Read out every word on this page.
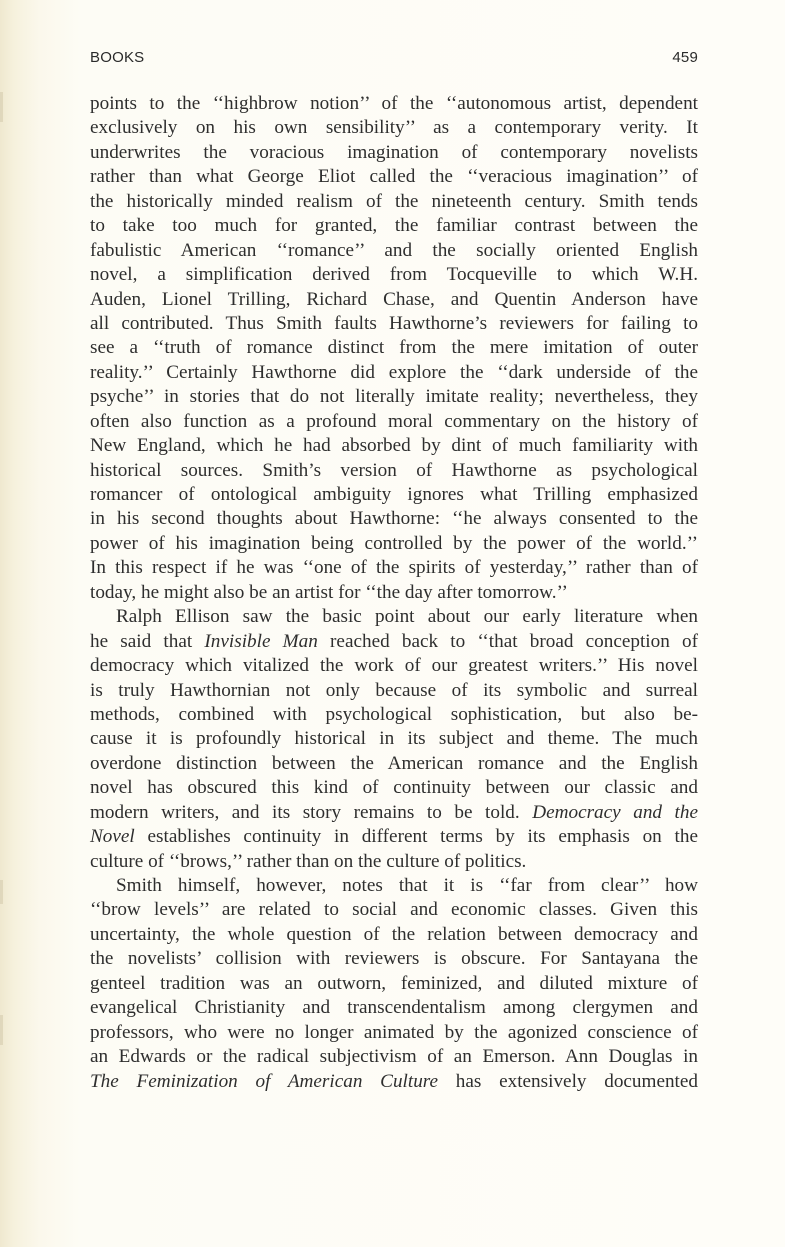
BOOKS	459
points to the ‘‘highbrow notion’’ of the ‘‘autonomous artist, dependent
exclusively on his own sensibility’’ as a contemporary verity. It
underwrites the voracious imagination of contemporary novelists
rather than what George Eliot called the ‘‘veracious imagination’’ of
the historically minded realism of the nineteenth century. Smith tends
to take too much for granted, the familiar contrast between the
fabulistic American ‘‘romance’’ and the socially oriented English
novel, a simplification derived from Tocqueville to which W.H.
Auden, Lionel Trilling, Richard Chase, and Quentin Anderson have
all contributed. Thus Smith faults Hawthorne’s reviewers for failing to
see a ‘‘truth of romance distinct from the mere imitation of outer
reality.’’ Certainly Hawthorne did explore the ‘‘dark underside of the
psyche’’ in stories that do not literally imitate reality; nevertheless, they
often also function as a profound moral commentary on the history of
New England, which he had absorbed by dint of much familiarity with
historical sources. Smith’s version of Hawthorne as psychological
romancer of ontological ambiguity ignores what Trilling emphasized
in his second thoughts about Hawthorne: ‘‘he always consented to the
power of his imagination being controlled by the power of the world.’’
In this respect if he was ‘‘one of the spirits of yesterday,’’ rather than of
today, he might also be an artist for ‘‘the day after tomorrow.’’
Ralph Ellison saw the basic point about our early literature when
he said that Invisible Man reached back to ‘‘that broad conception of
democracy which vitalized the work of our greatest writers.’’ His novel
is truly Hawthornian not only because of its symbolic and surreal
methods, combined with psychological sophistication, but also be-
cause it is profoundly historical in its subject and theme. The much
overdone distinction between the American romance and the English
novel has obscured this kind of continuity between our classic and
modern writers, and its story remains to be told. Democracy and the
Novel establishes continuity in different terms by its emphasis on the
culture of ‘‘brows,’’ rather than on the culture of politics.
Smith himself, however, notes that it is ‘‘far from clear’’ how
‘‘brow levels’’ are related to social and economic classes. Given this
uncertainty, the whole question of the relation between democracy and
the novelists’ collision with reviewers is obscure. For Santayana the
genteel tradition was an outworn, feminized, and diluted mixture of
evangelical Christianity and transcendentalism among clergymen and
professors, who were no longer animated by the agonized conscience of
an Edwards or the radical subjectivism of an Emerson. Ann Douglas in
The Feminization of American Culture has extensively documented
